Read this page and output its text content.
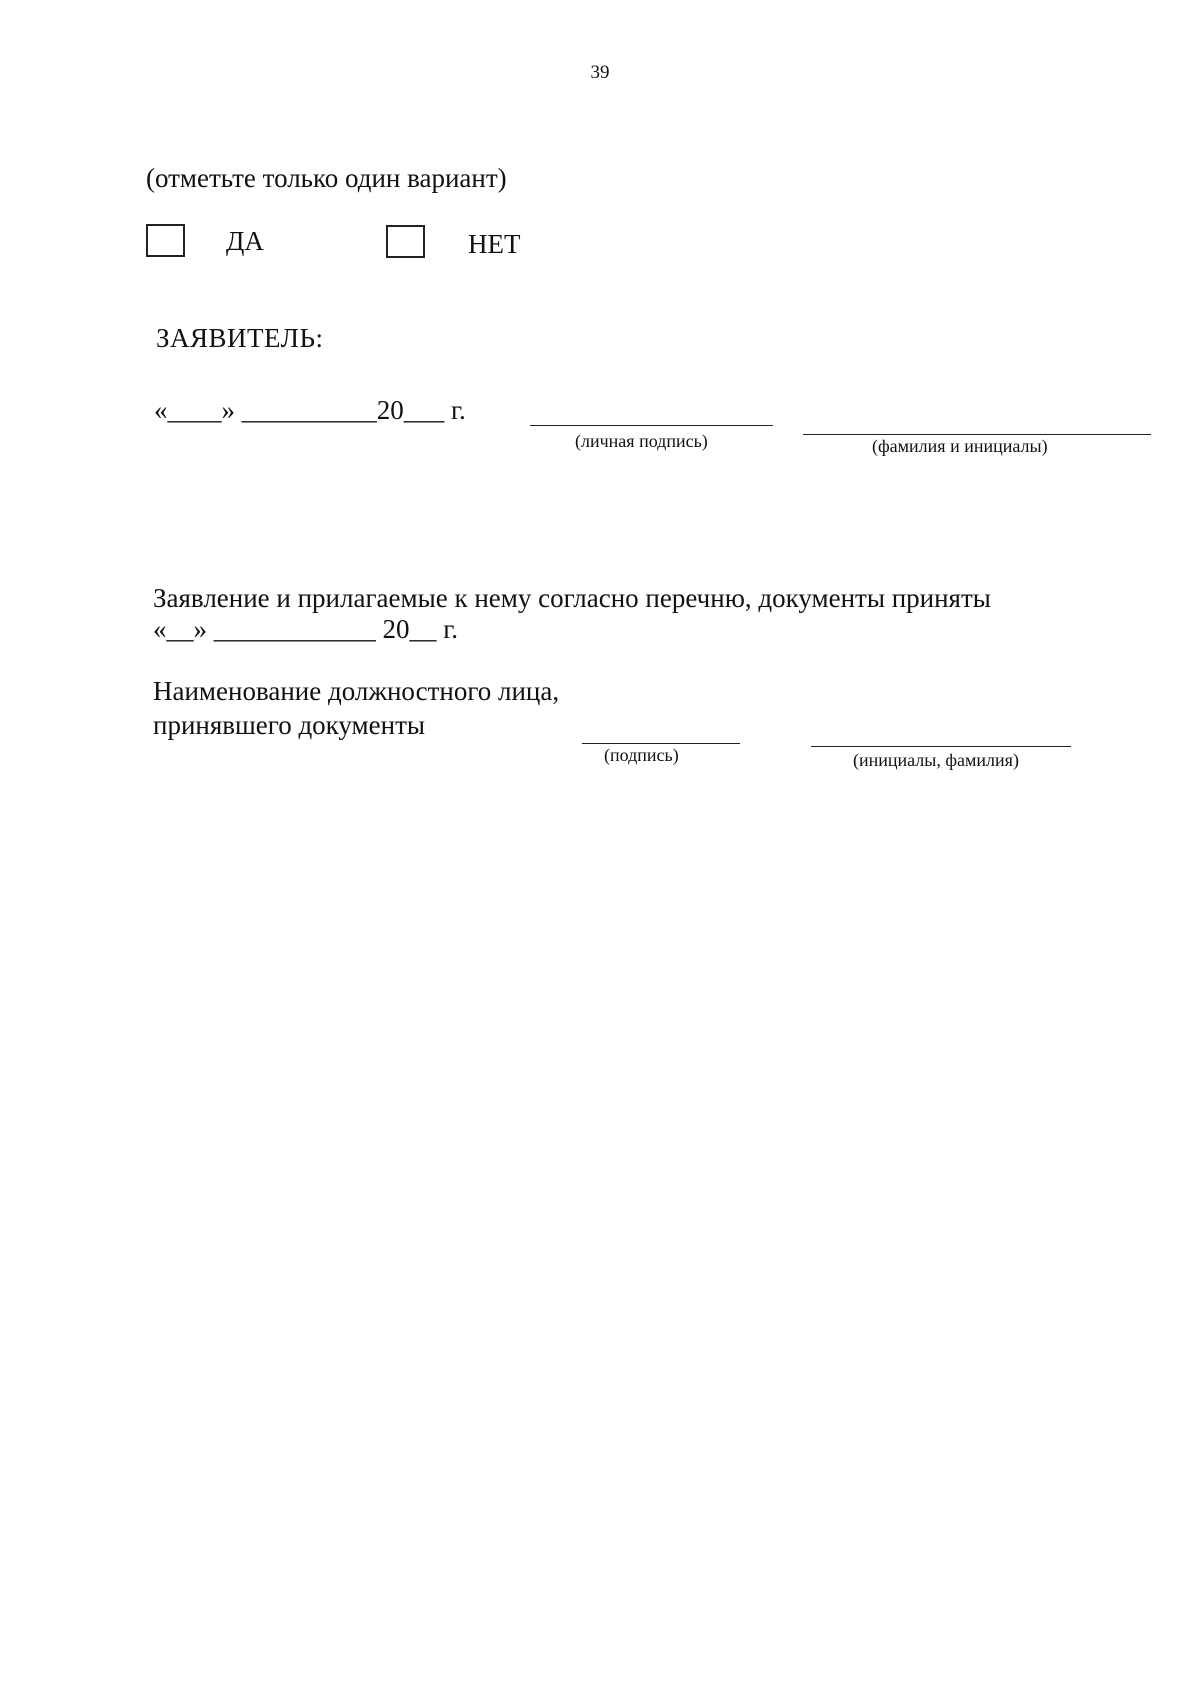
39
(отметьте только один вариант)
ДА	НЕТ
ЗАЯВИТЕЛЬ:
«____» __________20___ г.
(личная подпись)	(фамилия и инициалы)
Заявление и прилагаемые к нему согласно перечню, документы приняты
«__» ____________ 20__ г.
Наименование должностного лица,
принявшего документы
(подпись)	(инициалы, фамилия)
